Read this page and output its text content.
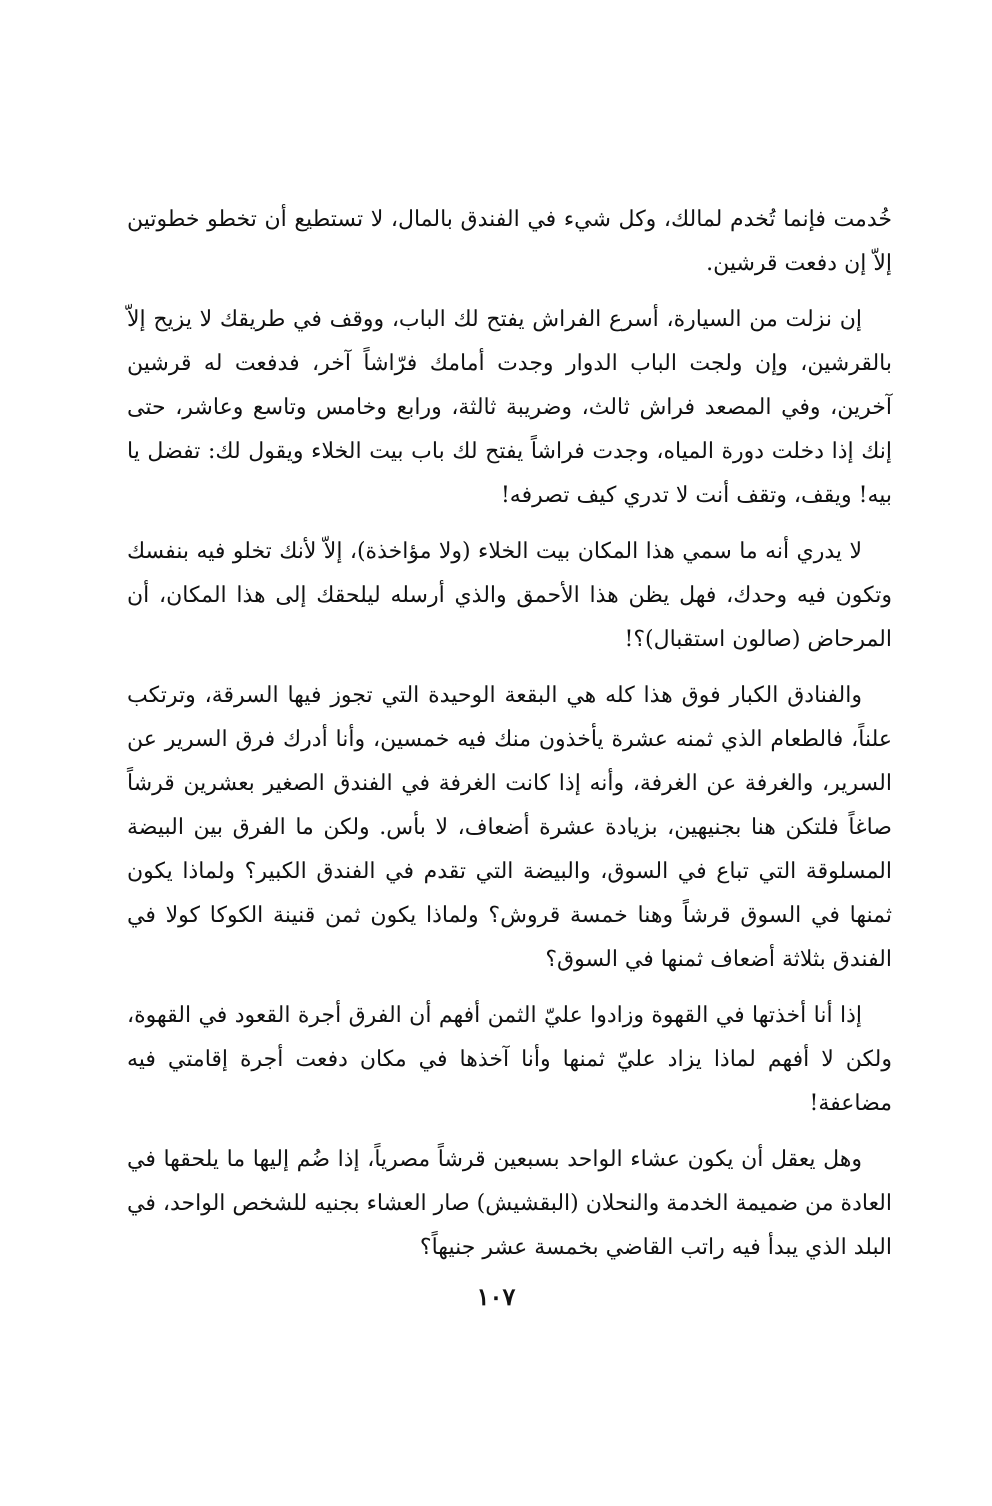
خُدمت فإنما تُخدم لمالك، وكل شيء في الفندق بالمال، لا تستطيع أن تخطو خطوتين إلاّ إن دفعت قرشين.

إن نزلت من السيارة، أسرع الفراش يفتح لك الباب، ووقف في طريقك لا يزيح إلاّ بالقرشين، وإن ولجت الباب الدوار وجدت أمامك فرّاشاً آخر، فدفعت له قرشين آخرين، وفي المصعد فراش ثالث، وضريبة ثالثة، ورابع وخامس وتاسع وعاشر، حتى إنك إذا دخلت دورة المياه، وجدت فراشاً يفتح لك باب بيت الخلاء ويقول لك: تفضل يا بيه! ويقف، وتقف أنت لا تدري كيف تصرفه!

لا يدري أنه ما سمي هذا المكان بيت الخلاء (ولا مؤاخذة)، إلاّ لأنك تخلو فيه بنفسك وتكون فيه وحدك، فهل يظن هذا الأحمق والذي أرسله ليلحقك إلى هذا المكان، أن المرحاض (صالون استقبال)؟!

والفنادق الكبار فوق هذا كله هي البقعة الوحيدة التي تجوز فيها السرقة، وترتكب علناً، فالطعام الذي ثمنه عشرة يأخذون منك فيه خمسين، وأنا أدرك فرق السرير عن السرير، والغرفة عن الغرفة، وأنه إذا كانت الغرفة في الفندق الصغير بعشرين قرشاً صاغاً فلتكن هنا بجنيهين، بزيادة عشرة أضعاف، لا بأس. ولكن ما الفرق بين البيضة المسلوقة التي تباع في السوق، والبيضة التي تقدم في الفندق الكبير؟ ولماذا يكون ثمنها في السوق قرشاً وهنا خمسة قروش؟ ولماذا يكون ثمن قنينة الكوكا كولا في الفندق بثلاثة أضعاف ثمنها في السوق؟

إذا أنا أخذتها في القهوة وزادوا عليّ الثمن أفهم أن الفرق أجرة القعود في القهوة، ولكن لا أفهم لماذا يزاد عليّ ثمنها وأنا آخذها في مكان دفعت أجرة إقامتي فيه مضاعفة!

وهل يعقل أن يكون عشاء الواحد بسبعين قرشاً مصرياً، إذا ضُم إليها ما يلحقها في العادة من ضميمة الخدمة والنحلان (البقشيش) صار العشاء بجنيه للشخص الواحد، في البلد الذي يبدأ فيه راتب القاضي بخمسة عشر جنيهاً؟

١٠٧
